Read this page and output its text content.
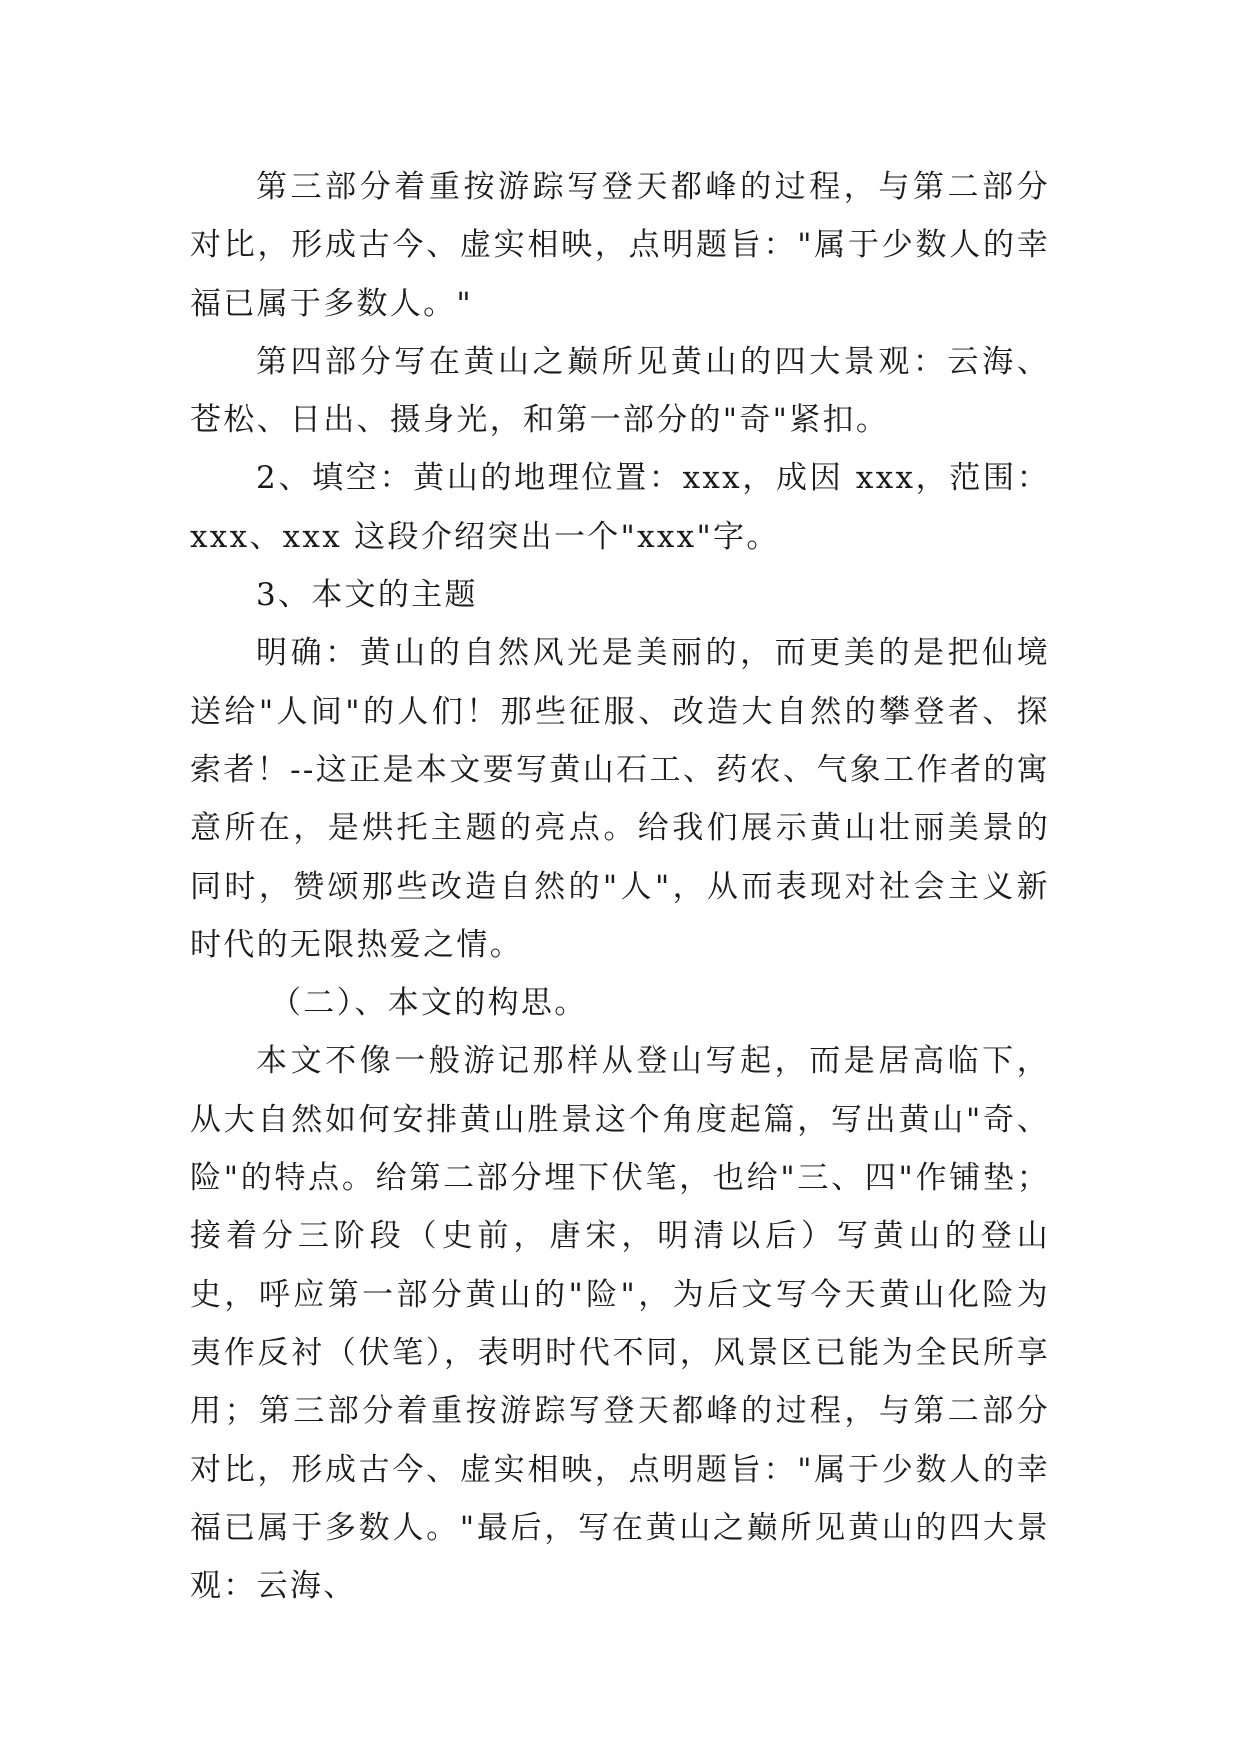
第三部分着重按游踪写登天都峰的过程，与第二部分对比，形成古今、虚实相映，点明题旨："属于少数人的幸福已属于多数人。"

第四部分写在黄山之巅所见黄山的四大景观：云海、苍松、日出、摄身光，和第一部分的"奇"紧扣。

2、填空：黄山的地理位置：xxx，成因 xxx，范围：xxx、xxx 这段介绍突出一个"xxx"字。

3、本文的主题

明确：黄山的自然风光是美丽的，而更美的是把仙境送给"人间"的人们！那些征服、改造大自然的攀登者、探索者！--这正是本文要写黄山石工、药农、气象工作者的寓意所在，是烘托主题的亮点。给我们展示黄山壮丽美景的同时，赞颂那些改造自然的"人"，从而表现对社会主义新时代的无限热爱之情。

（二）、本文的构思。

本文不像一般游记那样从登山写起，而是居高临下，从大自然如何安排黄山胜景这个角度起篇，写出黄山"奇、险"的特点。给第二部分埋下伏笔，也给"三、四"作铺垫；接着分三阶段（史前，唐宋，明清以后）写黄山的登山史，呼应第一部分黄山的"险"，为后文写今天黄山化险为夷作反衬（伏笔），表明时代不同，风景区已能为全民所享用；第三部分着重按游踪写登天都峰的过程，与第二部分对比，形成古今、虚实相映，点明题旨："属于少数人的幸福已属于多数人。"最后，写在黄山之巅所见黄山的四大景观：云海、
